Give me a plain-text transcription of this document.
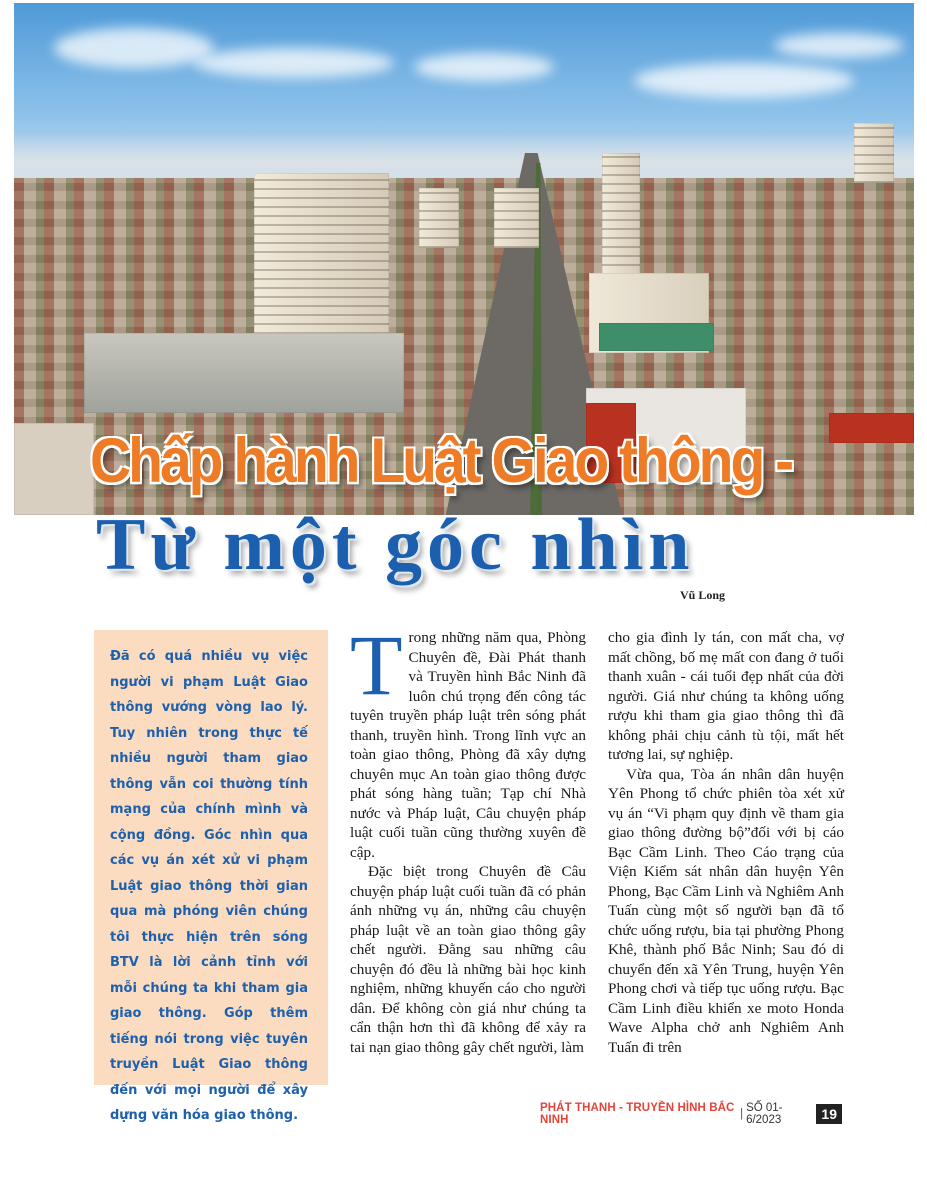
Chấp hành Luật Giao thông -
Từ một góc nhìn
Vũ Long

Đã có quá nhiều vụ việc người vi phạm Luật Giao thông vướng vòng lao lý. Tuy nhiên trong thực tế nhiều người tham giao thông vẫn coi thường tính mạng của chính mình và cộng đồng. Góc nhìn qua các vụ án xét xử vi phạm Luật giao thông thời gian qua mà phóng viên chúng tôi thực hiện trên sóng BTV là lời cảnh tỉnh với mỗi chúng ta khi tham gia giao thông. Góp thêm tiếng nói trong việc tuyên truyền Luật Giao thông đến với mọi người để xây dựng văn hóa giao thông.

Trong những năm qua, Phòng Chuyên đề, Đài Phát thanh và Truyền hình Bắc Ninh đã luôn chú trọng đến công tác tuyên truyền pháp luật trên sóng phát thanh, truyền hình. Trong lĩnh vực an toàn giao thông, Phòng đã xây dựng chuyên mục An toàn giao thông được phát sóng hàng tuần; Tạp chí Nhà nước và Pháp luật, Câu chuyện pháp luật cuối tuần cũng thường xuyên đề cập.

Đặc biệt trong Chuyên đề Câu chuyện pháp luật cuối tuần đã có phản ánh những vụ án, những câu chuyện pháp luật về an toàn giao thông gây chết người. Đằng sau những câu chuyện đó đều là những bài học kinh nghiệm, những khuyến cáo cho người dân. Để không còn giá như chúng ta cẩn thận hơn thì đã không để xảy ra tai nạn giao thông gây chết người, làm

cho gia đình ly tán, con mất cha, vợ mất chồng, bố mẹ mất con đang ở tuổi thanh xuân - cái tuổi đẹp nhất của đời người. Giá như chúng ta không uống rượu khi tham gia giao thông thì đã không phải chịu cảnh tù tội, mất hết tương lai, sự nghiệp.

Vừa qua, Tòa án nhân dân huyện Yên Phong tổ chức phiên tòa xét xử vụ án “Vi phạm quy định về tham gia giao thông đường bộ”đối với bị cáo Bạc Cầm Linh. Theo Cáo trạng của Viện Kiểm sát nhân dân huyện Yên Phong, Bạc Cầm Linh và Nghiêm Anh Tuấn cùng một số người bạn đã tổ chức uống rượu, bia tại phường Phong Khê, thành phố Bắc Ninh; Sau đó di chuyển đến xã Yên Trung, huyện Yên Phong chơi và tiếp tục uống rượu. Bạc Cầm Linh điều khiển xe moto Honda Wave Alpha chở anh Nghiêm Anh Tuấn đi trên

PHÁT THANH - TRUYỀN HÌNH BẮC NINH	| SỐ 01-6/2023	19
